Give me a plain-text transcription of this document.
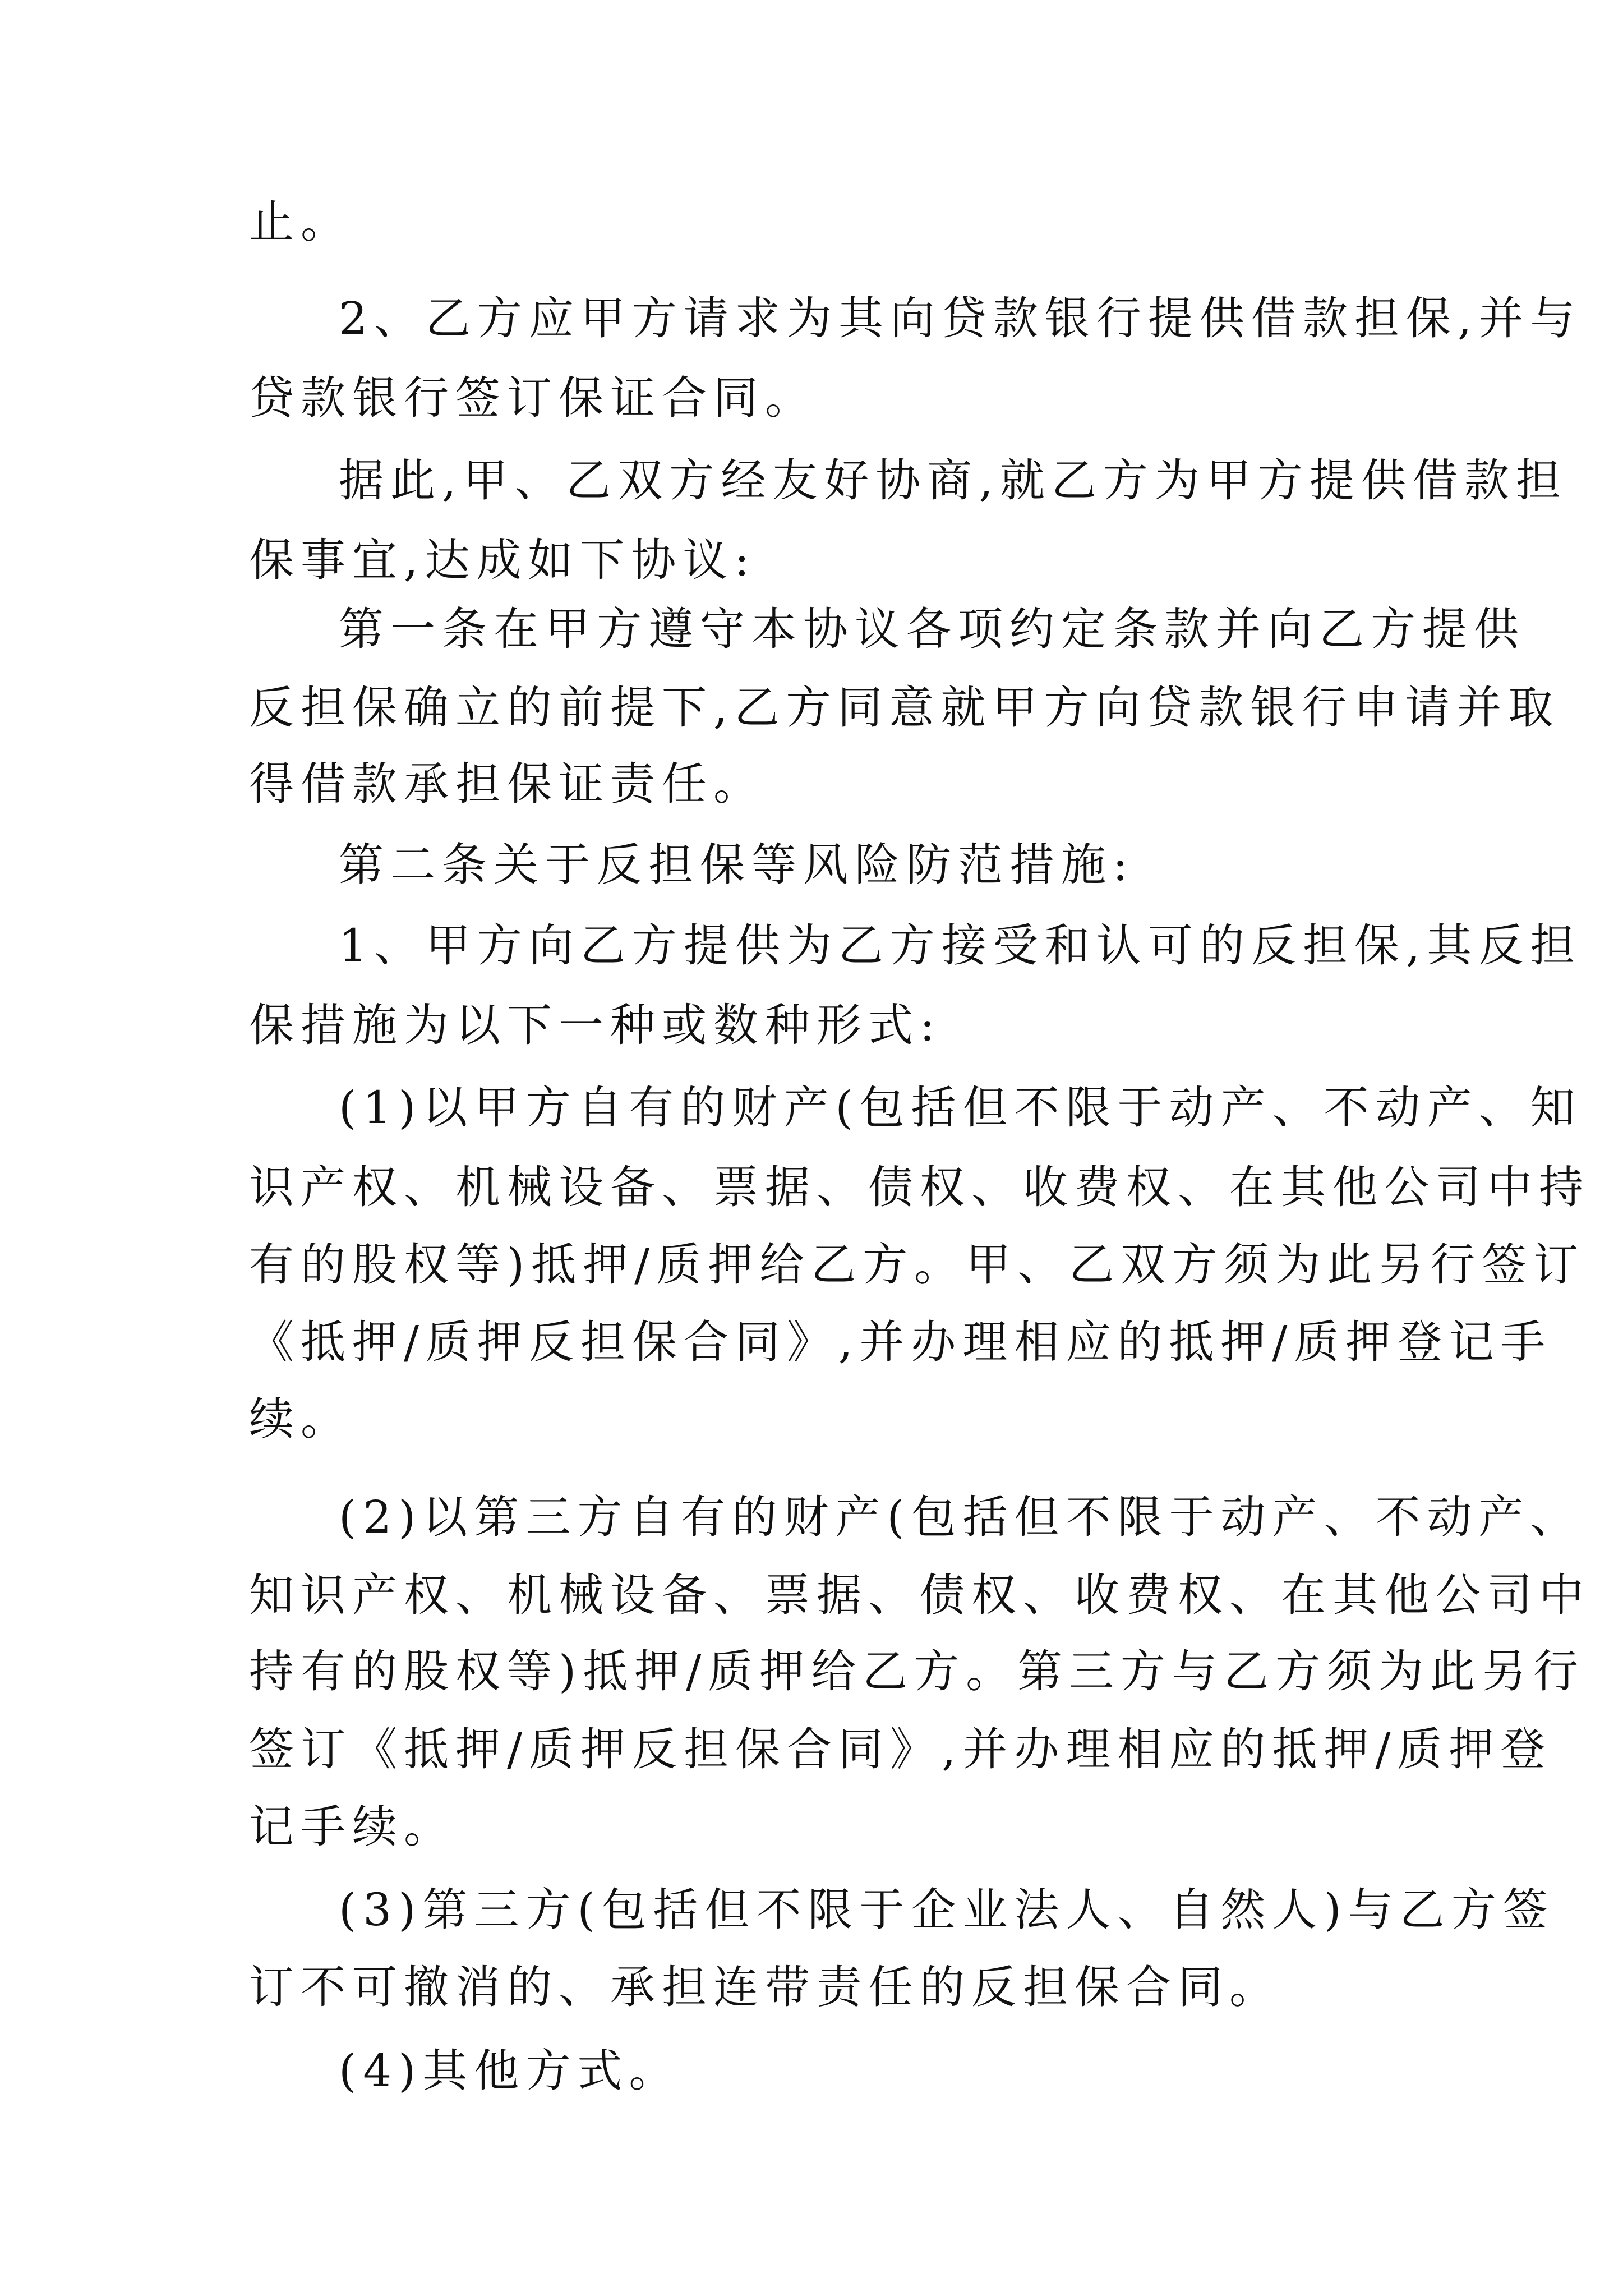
止。

2、乙方应甲方请求为其向贷款银行提供借款担保,并与

贷款银行签订保证合同。

据此,甲、乙双方经友好协商,就乙方为甲方提供借款担

保事宜,达成如下协议:

第一条在甲方遵守本协议各项约定条款并向乙方提供

反担保确立的前提下,乙方同意就甲方向贷款银行申请并取

得借款承担保证责任。

第二条关于反担保等风险防范措施:

1、甲方向乙方提供为乙方接受和认可的反担保,其反担

保措施为以下一种或数种形式:

(1)以甲方自有的财产(包括但不限于动产、不动产、知

识产权、机械设备、票据、债权、收费权、在其他公司中持

有的股权等)抵押/质押给乙方。甲、乙双方须为此另行签订

《抵押/质押反担保合同》,并办理相应的抵押/质押登记手

续。

(2)以第三方自有的财产(包括但不限于动产、不动产、

知识产权、机械设备、票据、债权、收费权、在其他公司中

持有的股权等)抵押/质押给乙方。第三方与乙方须为此另行

签订《抵押/质押反担保合同》,并办理相应的抵押/质押登

记手续。

(3)第三方(包括但不限于企业法人、自然人)与乙方签

订不可撤消的、承担连带责任的反担保合同。

(4)其他方式。
